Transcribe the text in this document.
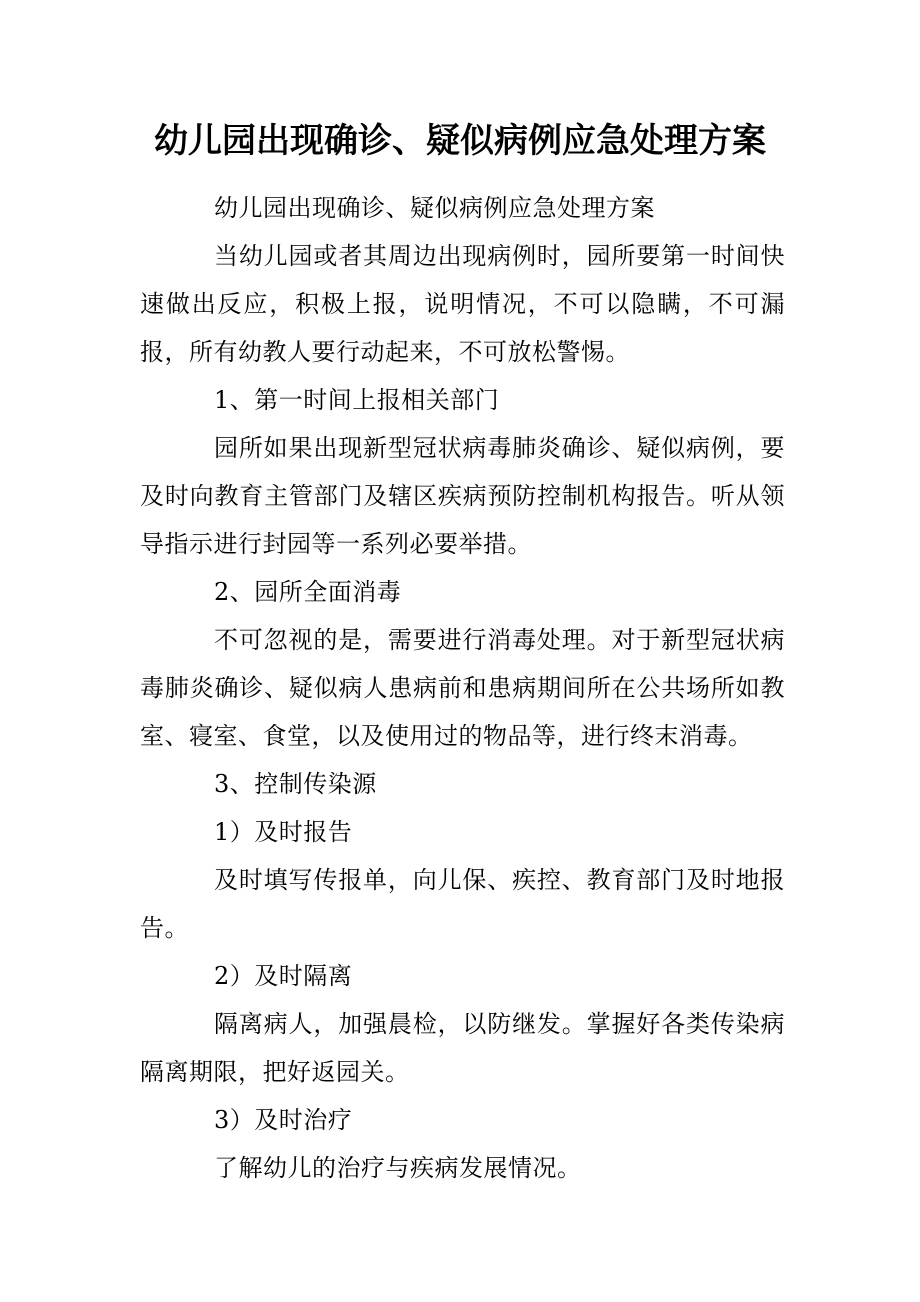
幼儿园出现确诊、疑似病例应急处理方案

幼儿园出现确诊、疑似病例应急处理方案

当幼儿园或者其周边出现病例时，园所要第一时间快速做出反应，积极上报，说明情况，不可以隐瞒，不可漏报，所有幼教人要行动起来，不可放松警惕。

1、第一时间上报相关部门

园所如果出现新型冠状病毒肺炎确诊、疑似病例，要及时向教育主管部门及辖区疾病预防控制机构报告。听从领导指示进行封园等一系列必要举措。

2、园所全面消毒

不可忽视的是，需要进行消毒处理。对于新型冠状病毒肺炎确诊、疑似病人患病前和患病期间所在公共场所如教室、寝室、食堂，以及使用过的物品等，进行终末消毒。

3、控制传染源

1）及时报告

及时填写传报单，向儿保、疾控、教育部门及时地报告。

2）及时隔离

隔离病人，加强晨检，以防继发。掌握好各类传染病隔离期限，把好返园关。

3）及时治疗

了解幼儿的治疗与疾病发展情况。
